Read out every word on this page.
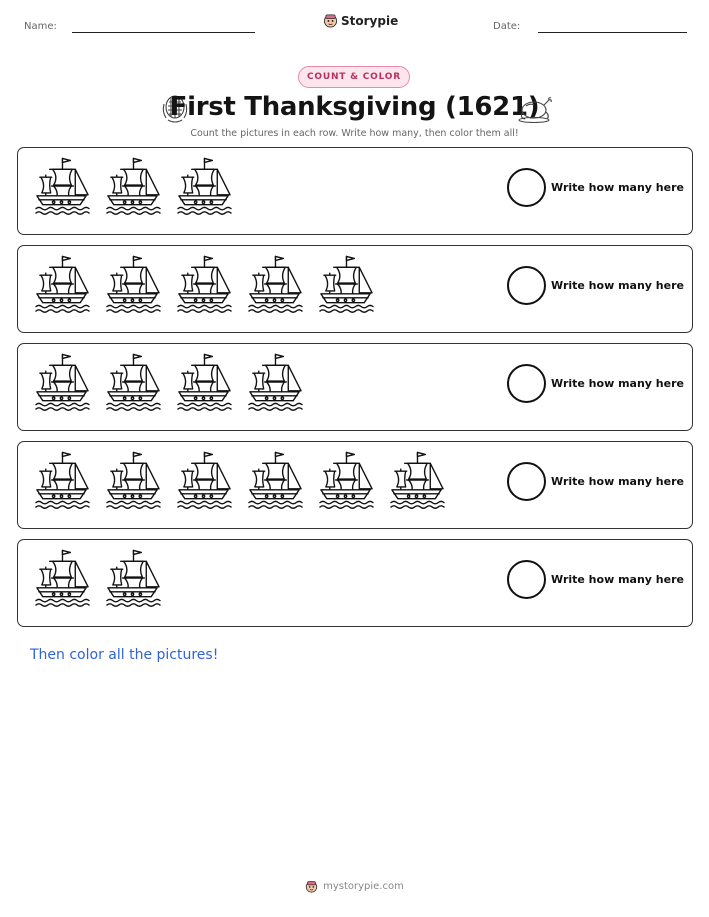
Name:	Storypie	Date:
COUNT & COLOR
First Thanksgiving (1621)
Count the pictures in each row. Write how many, then color them all!
Write how many here
Write how many here
Write how many here
Write how many here
Write how many here
Then color all the pictures!
mystorypie.com
